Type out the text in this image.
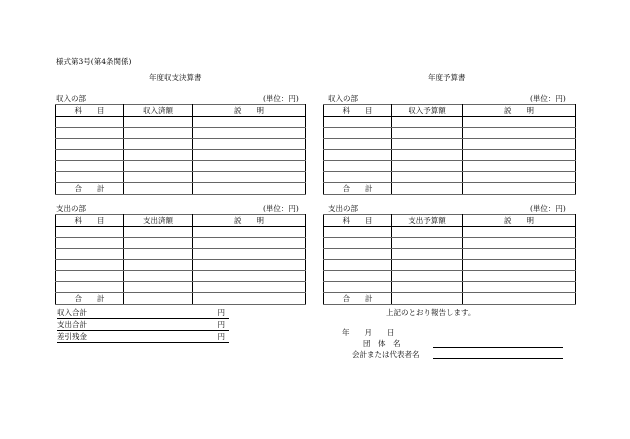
様式第3号(第4条関係)
年度収支決算書	年度予算書
収入の部	(単位：円)
科　　目	収入済額	説　　明

合　　計		
収入の部	(単位：円)
科　　目	収入予算額	説　　明

合　　計		
支出の部	(単位：円)
科　　目	支出済額	説　　明

合　　計		
支出の部	(単位：円)
科　　目	支出予算額	説　　明

合　　計		
収入合計	円
支出合計	円
差引残金	円
上記のとおり報告します。
年　　月　　日
団　体　名
会計または代表者名
